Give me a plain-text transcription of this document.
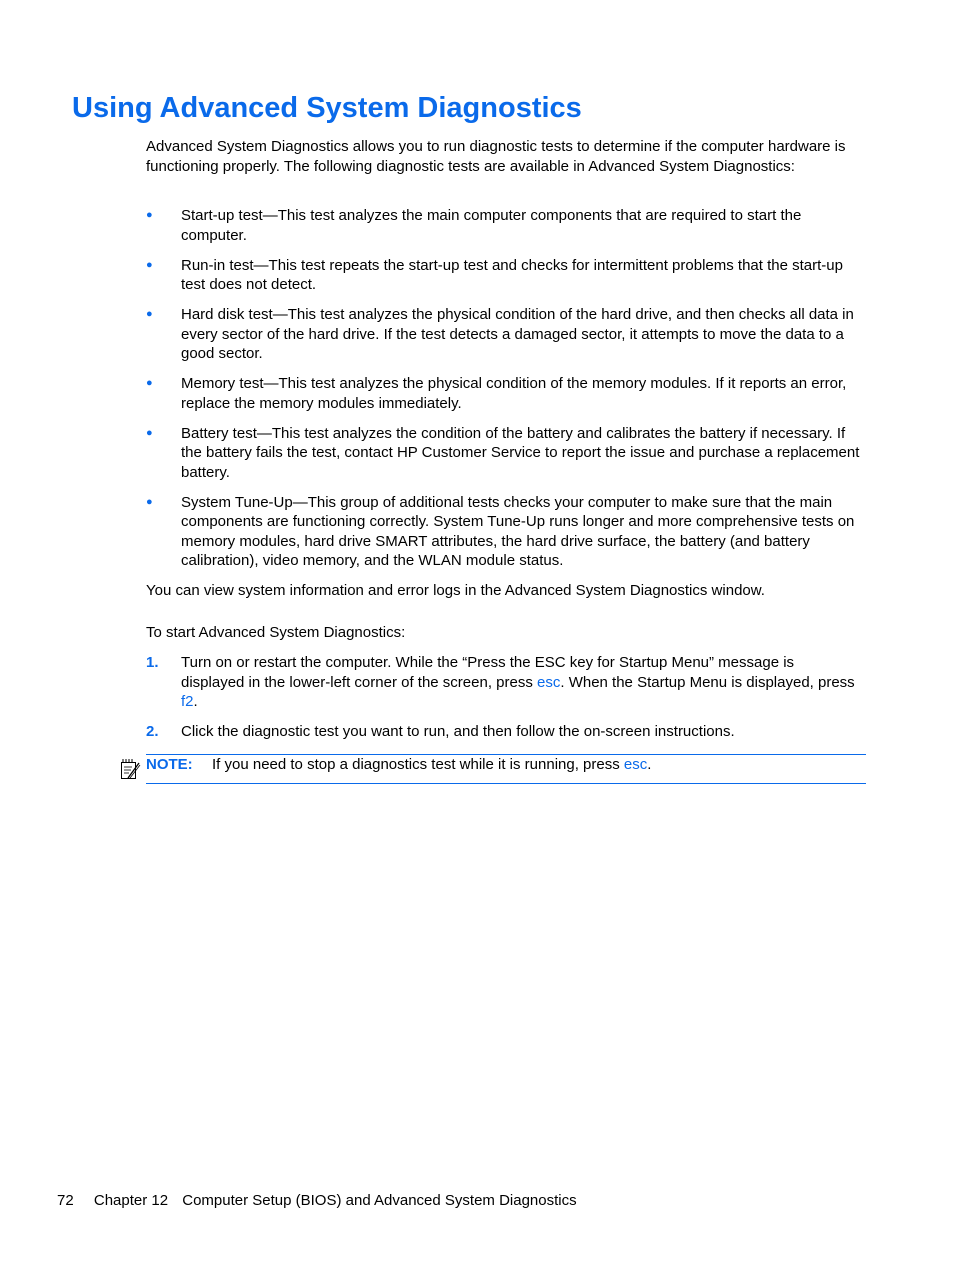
Using Advanced System Diagnostics

Advanced System Diagnostics allows you to run diagnostic tests to determine if the computer hardware is functioning properly. The following diagnostic tests are available in Advanced System Diagnostics:

● Start-up test—This test analyzes the main computer components that are required to start the computer.
● Run-in test—This test repeats the start-up test and checks for intermittent problems that the start-up test does not detect.
● Hard disk test—This test analyzes the physical condition of the hard drive, and then checks all data in every sector of the hard drive. If the test detects a damaged sector, it attempts to move the data to a good sector.
● Memory test—This test analyzes the physical condition of the memory modules. If it reports an error, replace the memory modules immediately.
● Battery test—This test analyzes the condition of the battery and calibrates the battery if necessary. If the battery fails the test, contact HP Customer Service to report the issue and purchase a replacement battery.
● System Tune-Up—This group of additional tests checks your computer to make sure that the main components are functioning correctly. System Tune-Up runs longer and more comprehensive tests on memory modules, hard drive SMART attributes, the hard drive surface, the battery (and battery calibration), video memory, and the WLAN module status.

You can view system information and error logs in the Advanced System Diagnostics window.

To start Advanced System Diagnostics:

1. Turn on or restart the computer. While the “Press the ESC key for Startup Menu” message is displayed in the lower-left corner of the screen, press esc. When the Startup Menu is displayed, press f2.
2. Click the diagnostic test you want to run, and then follow the on-screen instructions.
NOTE: If you need to stop a diagnostics test while it is running, press esc.
72 Chapter 12 Computer Setup (BIOS) and Advanced System Diagnostics
